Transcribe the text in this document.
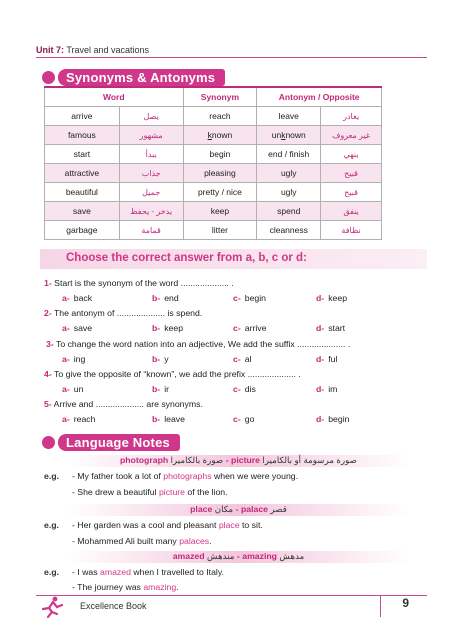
Unit 7: Travel and vacations
Synonyms & Antonyms
Word		Synonym	Antonym / Opposite	
arrive	يصل	reach	leave	يغادر
famous	مشهور	known	unknown	غير معروف
start	يبدأ	begin	end / finish	ينهي
attractive	جذاب	pleasing	ugly	قبيح
beautiful	جميل	pretty / nice	ugly	قبيح
save	يدخر - يحفظ	keep	spend	ينفق
garbage	قمامة	litter	cleanness	نظافة
Choose the correct answer from a, b, c or d:
1- Start is the synonym of the word .................... .
a- back	b- end	c- begin	d- keep
2- The antonym of .................... is spend.
a- save	b- keep	c- arrive	d- start
3- To change the word nation into an adjective, We add the suffix .................... .
a- ing	b- y	c- al	d- ful
4- To give the opposite of “known”, we add the prefix .................... .
a- un	b- ir	c- dis	d- im
5- Arrive and .................... are synonyms.
a- reach	b- leave	c- go	d- begin
Language Notes
photograph صورة بالكاميرا - picture صورة مرسومة أو بالكاميرا
e.g. - My father took a lot of photographs when we were young.
- She drew a beautiful picture of the lion.
place مكان - palace قصر
e.g. - Her garden was a cool and pleasant place to sit.
- Mohammed Ali built many palaces.
amazed مندهش - amazing مدهش
e.g. - I was amazed when I travelled to Italy.
- The journey was amazing.
Excellence Book	9
